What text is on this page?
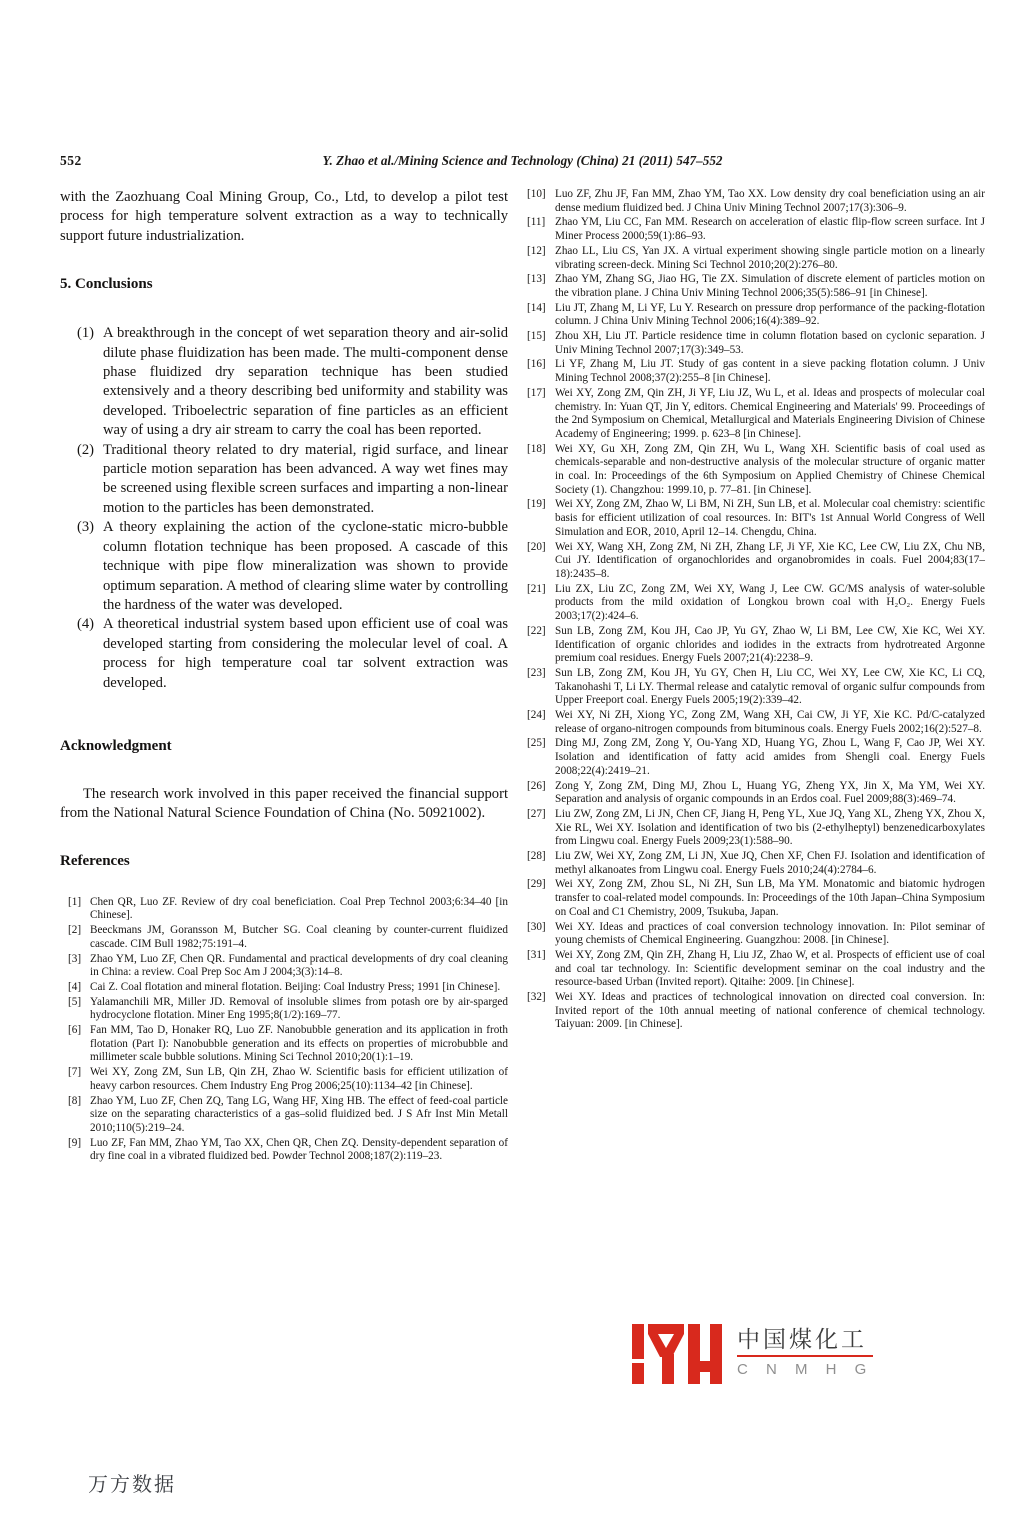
552	Y. Zhao et al./Mining Science and Technology (China) 21 (2011) 547–552

with the Zaozhuang Coal Mining Group, Co., Ltd, to develop a pilot test process for high temperature solvent extraction as a way to technically support future industrialization.

5. Conclusions
(1) A breakthrough in the concept of wet separation theory and air-solid dilute phase fluidization has been made. The multi-component dense phase fluidized dry separation technique has been studied extensively and a theory describing bed uniformity and stability was developed. Triboelectric separation of fine particles as an efficient way of using a dry air stream to carry the coal has been reported.
(2) Traditional theory related to dry material, rigid surface, and linear particle motion separation has been advanced. A way wet fines may be screened using flexible screen surfaces and imparting a non-linear motion to the particles has been demonstrated.
(3) A theory explaining the action of the cyclone-static micro-bubble column flotation technique has been proposed. A cascade of this technique with pipe flow mineralization was shown to provide optimum separation. A method of clearing slime water by controlling the hardness of the water was developed.
(4) A theoretical industrial system based upon efficient use of coal was developed starting from considering the molecular level of coal. A process for high temperature coal tar solvent extraction was developed.
Acknowledgment

The research work involved in this paper received the financial support from the National Natural Science Foundation of China (No. 50921002).

References
[1] Chen QR, Luo ZF. Review of dry coal beneficiation. Coal Prep Technol 2003;6:34–40 [in Chinese].
[2] Beeckmans JM, Goransson M, Butcher SG. Coal cleaning by counter-current fluidized cascade. CIM Bull 1982;75:191–4.
[3] Zhao YM, Luo ZF, Chen QR. Fundamental and practical developments of dry coal cleaning in China: a review. Coal Prep Soc Am J 2004;3(3):14–8.
[4] Cai Z. Coal flotation and mineral flotation. Beijing: Coal Industry Press; 1991 [in Chinese].
[5] Yalamanchili MR, Miller JD. Removal of insoluble slimes from potash ore by air-sparged hydrocyclone flotation. Miner Eng 1995;8(1/2):169–77.
[6] Fan MM, Tao D, Honaker RQ, Luo ZF. Nanobubble generation and its application in froth flotation (Part I): Nanobubble generation and its effects on properties of microbubble and millimeter scale bubble solutions. Mining Sci Technol 2010;20(1):1–19.
[7] Wei XY, Zong ZM, Sun LB, Qin ZH, Zhao W. Scientific basis for efficient utilization of heavy carbon resources. Chem Industry Eng Prog 2006;25(10):1134–42 [in Chinese].
[8] Zhao YM, Luo ZF, Chen ZQ, Tang LG, Wang HF, Xing HB. The effect of feed-coal particle size on the separating characteristics of a gas–solid fluidized bed. J S Afr Inst Min Metall 2010;110(5):219–24.
[9] Luo ZF, Fan MM, Zhao YM, Tao XX, Chen QR, Chen ZQ. Density-dependent separation of dry fine coal in a vibrated fluidized bed. Powder Technol 2008;187(2):119–23.
[10] Luo ZF, Zhu JF, Fan MM, Zhao YM, Tao XX. Low density dry coal beneficiation using an air dense medium fluidized bed. J China Univ Mining Technol 2007;17(3):306–9.
[11] Zhao YM, Liu CC, Fan MM. Research on acceleration of elastic flip-flow screen surface. Int J Miner Process 2000;59(1):86–93.
[12] Zhao LL, Liu CS, Yan JX. A virtual experiment showing single particle motion on a linearly vibrating screen-deck. Mining Sci Technol 2010;20(2):276–80.
[13] Zhao YM, Zhang SG, Jiao HG, Tie ZX. Simulation of discrete element of particles motion on the vibration plane. J China Univ Mining Technol 2006;35(5):586–91 [in Chinese].
[14] Liu JT, Zhang M, Li YF, Lu Y. Research on pressure drop performance of the packing-flotation column. J China Univ Mining Technol 2006;16(4):389–92.
[15] Zhou XH, Liu JT. Particle residence time in column flotation based on cyclonic separation. J Univ Mining Technol 2007;17(3):349–53.
[16] Li YF, Zhang M, Liu JT. Study of gas content in a sieve packing flotation column. J Univ Mining Technol 2008;37(2):255–8 [in Chinese].
[17] Wei XY, Zong ZM, Qin ZH, Ji YF, Liu JZ, Wu L, et al. Ideas and prospects of molecular coal chemistry. In: Yuan QT, Jin Y, editors. Chemical Engineering and Materials' 99. Proceedings of the 2nd Symposium on Chemical, Metallurgical and Materials Engineering Division of Chinese Academy of Engineering; 1999. p. 623–8 [in Chinese].
[18] Wei XY, Gu XH, Zong ZM, Qin ZH, Wu L, Wang XH. Scientific basis of coal used as chemicals-separable and non-destructive analysis of the molecular structure of organic matter in coal. In: Proceedings of the 6th Symposium on Applied Chemistry of Chinese Chemical Society (1). Changzhou: 1999.10, p. 77–81. [in Chinese].
[19] Wei XY, Zong ZM, Zhao W, Li BM, Ni ZH, Sun LB, et al. Molecular coal chemistry: scientific basis for efficient utilization of coal resources. In: BIT's 1st Annual World Congress of Well Simulation and EOR, 2010, April 12–14. Chengdu, China.
[20] Wei XY, Wang XH, Zong ZM, Ni ZH, Zhang LF, Ji YF, Xie KC, Lee CW, Liu ZX, Chu NB, Cui JY. Identification of organochlorides and organobromides in coals. Fuel 2004;83(17–18):2435–8.
[21] Liu ZX, Liu ZC, Zong ZM, Wei XY, Wang J, Lee CW. GC/MS analysis of water-soluble products from the mild oxidation of Longkou brown coal with H₂O₂. Energy Fuels 2003;17(2):424–6.
[22] Sun LB, Zong ZM, Kou JH, Cao JP, Yu GY, Zhao W, Li BM, Lee CW, Xie KC, Wei XY. Identification of organic chlorides and iodides in the extracts from hydrotreated Argonne premium coal residues. Energy Fuels 2007;21(4):2238–9.
[23] Sun LB, Zong ZM, Kou JH, Yu GY, Chen H, Liu CC, Wei XY, Lee CW, Xie KC, Li CQ, Takanohashi T, Li LY. Thermal release and catalytic removal of organic sulfur compounds from Upper Freeport coal. Energy Fuels 2005;19(2):339–42.
[24] Wei XY, Ni ZH, Xiong YC, Zong ZM, Wang XH, Cai CW, Ji YF, Xie KC. Pd/C-catalyzed release of organo-nitrogen compounds from bituminous coals. Energy Fuels 2002;16(2):527–8.
[25] Ding MJ, Zong ZM, Zong Y, Ou-Yang XD, Huang YG, Zhou L, Wang F, Cao JP, Wei XY. Isolation and identification of fatty acid amides from Shengli coal. Energy Fuels 2008;22(4):2419–21.
[26] Zong Y, Zong ZM, Ding MJ, Zhou L, Huang YG, Zheng YX, Jin X, Ma YM, Wei XY. Separation and analysis of organic compounds in an Erdos coal. Fuel 2009;88(3):469–74.
[27] Liu ZW, Zong ZM, Li JN, Chen CF, Jiang H, Peng YL, Xue JQ, Yang XL, Zheng YX, Zhou X, Xie RL, Wei XY. Isolation and identification of two bis (2-ethylheptyl) benzenedicarboxylates from Lingwu coal. Energy Fuels 2009;23(1):588–90.
[28] Liu ZW, Wei XY, Zong ZM, Li JN, Xue JQ, Chen XF, Chen FJ. Isolation and identification of methyl alkanoates from Lingwu coal. Energy Fuels 2010;24(4):2784–6.
[29] Wei XY, Zong ZM, Zhou SL, Ni ZH, Sun LB, Ma YM. Monatomic and biatomic hydrogen transfer to coal-related model compounds. In: Proceedings of the 10th Japan–China Symposium on Coal and C1 Chemistry, 2009, Tsukuba, Japan.
[30] Wei XY. Ideas and practices of coal conversion technology innovation. In: Pilot seminar of young chemists of Chemical Engineering. Guangzhou: 2008. [in Chinese].
[31] Wei XY, Zong ZM, Qin ZH, Zhang H, Liu JZ, Zhao W, et al. Prospects of efficient use of coal and coal tar technology. In: Scientific development seminar on the coal industry and the resource-based Urban (Invited report). Qitaihe: 2009. [in Chinese].
[32] Wei XY. Ideas and practices of technological innovation on directed coal conversion. In: Invited report of the 10th annual meeting of national conference of chemical technology. Taiyuan: 2009. [in Chinese].
中国煤化工
C N M H G
万方数据
